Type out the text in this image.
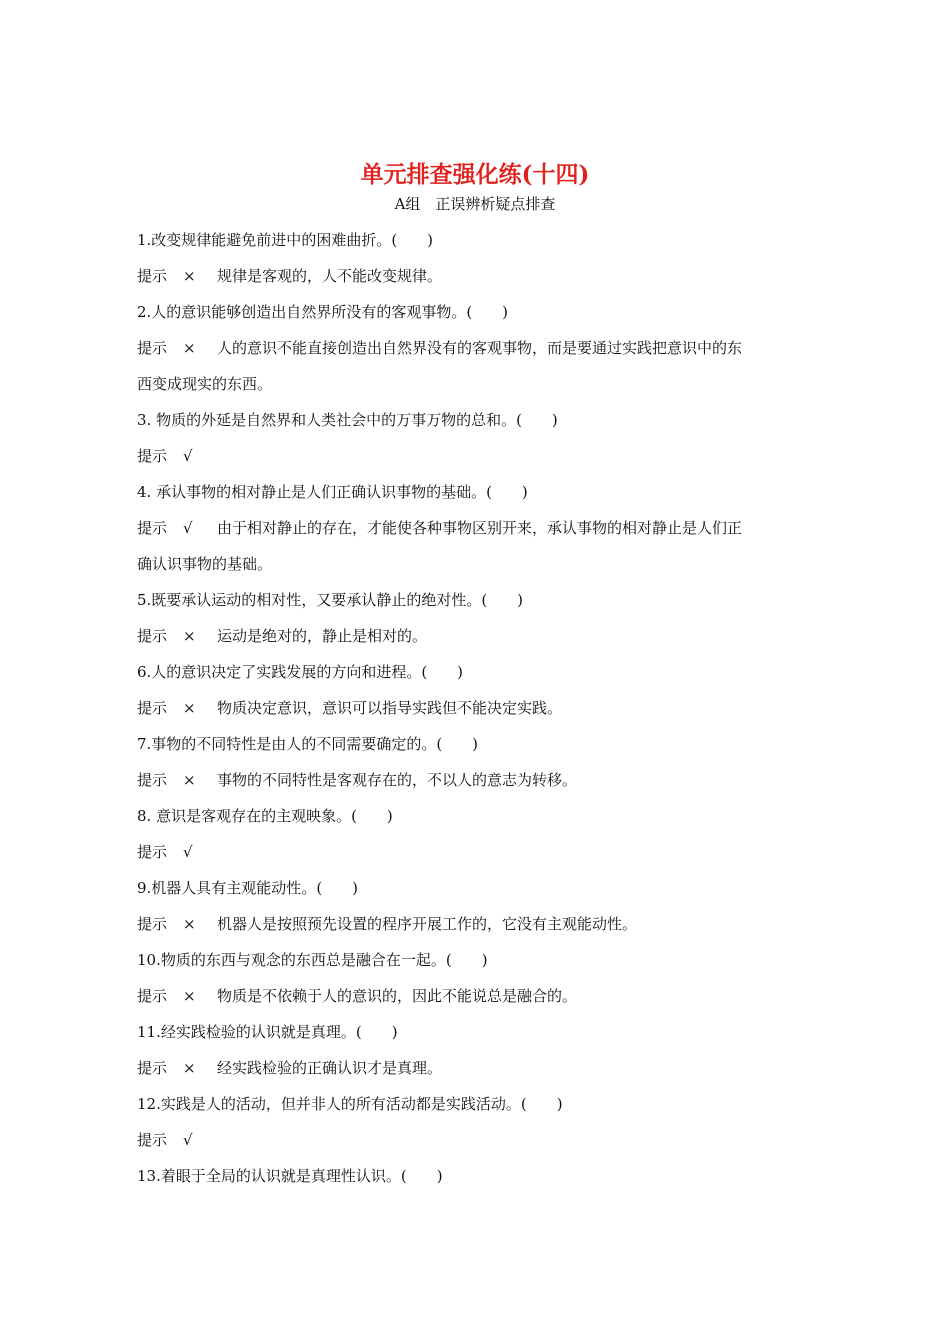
单元排查强化练(十四)
A组　正误辨析疑点排查
1.改变规律能避免前进中的困难曲折。(　　)
提示 × 规律是客观的，人不能改变规律。
2.人的意识能够创造出自然界所没有的客观事物。(　　)
提示 × 人的意识不能直接创造出自然界没有的客观事物，而是要通过实践把意识中的东
西变成现实的东西。
3. 物质的外延是自然界和人类社会中的万事万物的总和。(　　)
提示 √
4. 承认事物的相对静止是人们正确认识事物的基础。(　　)
提示 √ 由于相对静止的存在，才能使各种事物区别开来，承认事物的相对静止是人们正
确认识事物的基础。
5.既要承认运动的相对性，又要承认静止的绝对性。(　　)
提示 × 运动是绝对的，静止是相对的。
6.人的意识决定了实践发展的方向和进程。(　　)
提示 × 物质决定意识，意识可以指导实践但不能决定实践。
7.事物的不同特性是由人的不同需要确定的。(　　)
提示 × 事物的不同特性是客观存在的，不以人的意志为转移。
8. 意识是客观存在的主观映象。(　　)
提示 √
9.机器人具有主观能动性。(　　)
提示 × 机器人是按照预先设置的程序开展工作的，它没有主观能动性。
10.物质的东西与观念的东西总是融合在一起。(　　)
提示 × 物质是不依赖于人的意识的，因此不能说总是融合的。
11.经实践检验的认识就是真理。(　　)
提示 × 经实践检验的正确认识才是真理。
12.实践是人的活动，但并非人的所有活动都是实践活动。(　　)
提示 √
13.着眼于全局的认识就是真理性认识。(　　)
